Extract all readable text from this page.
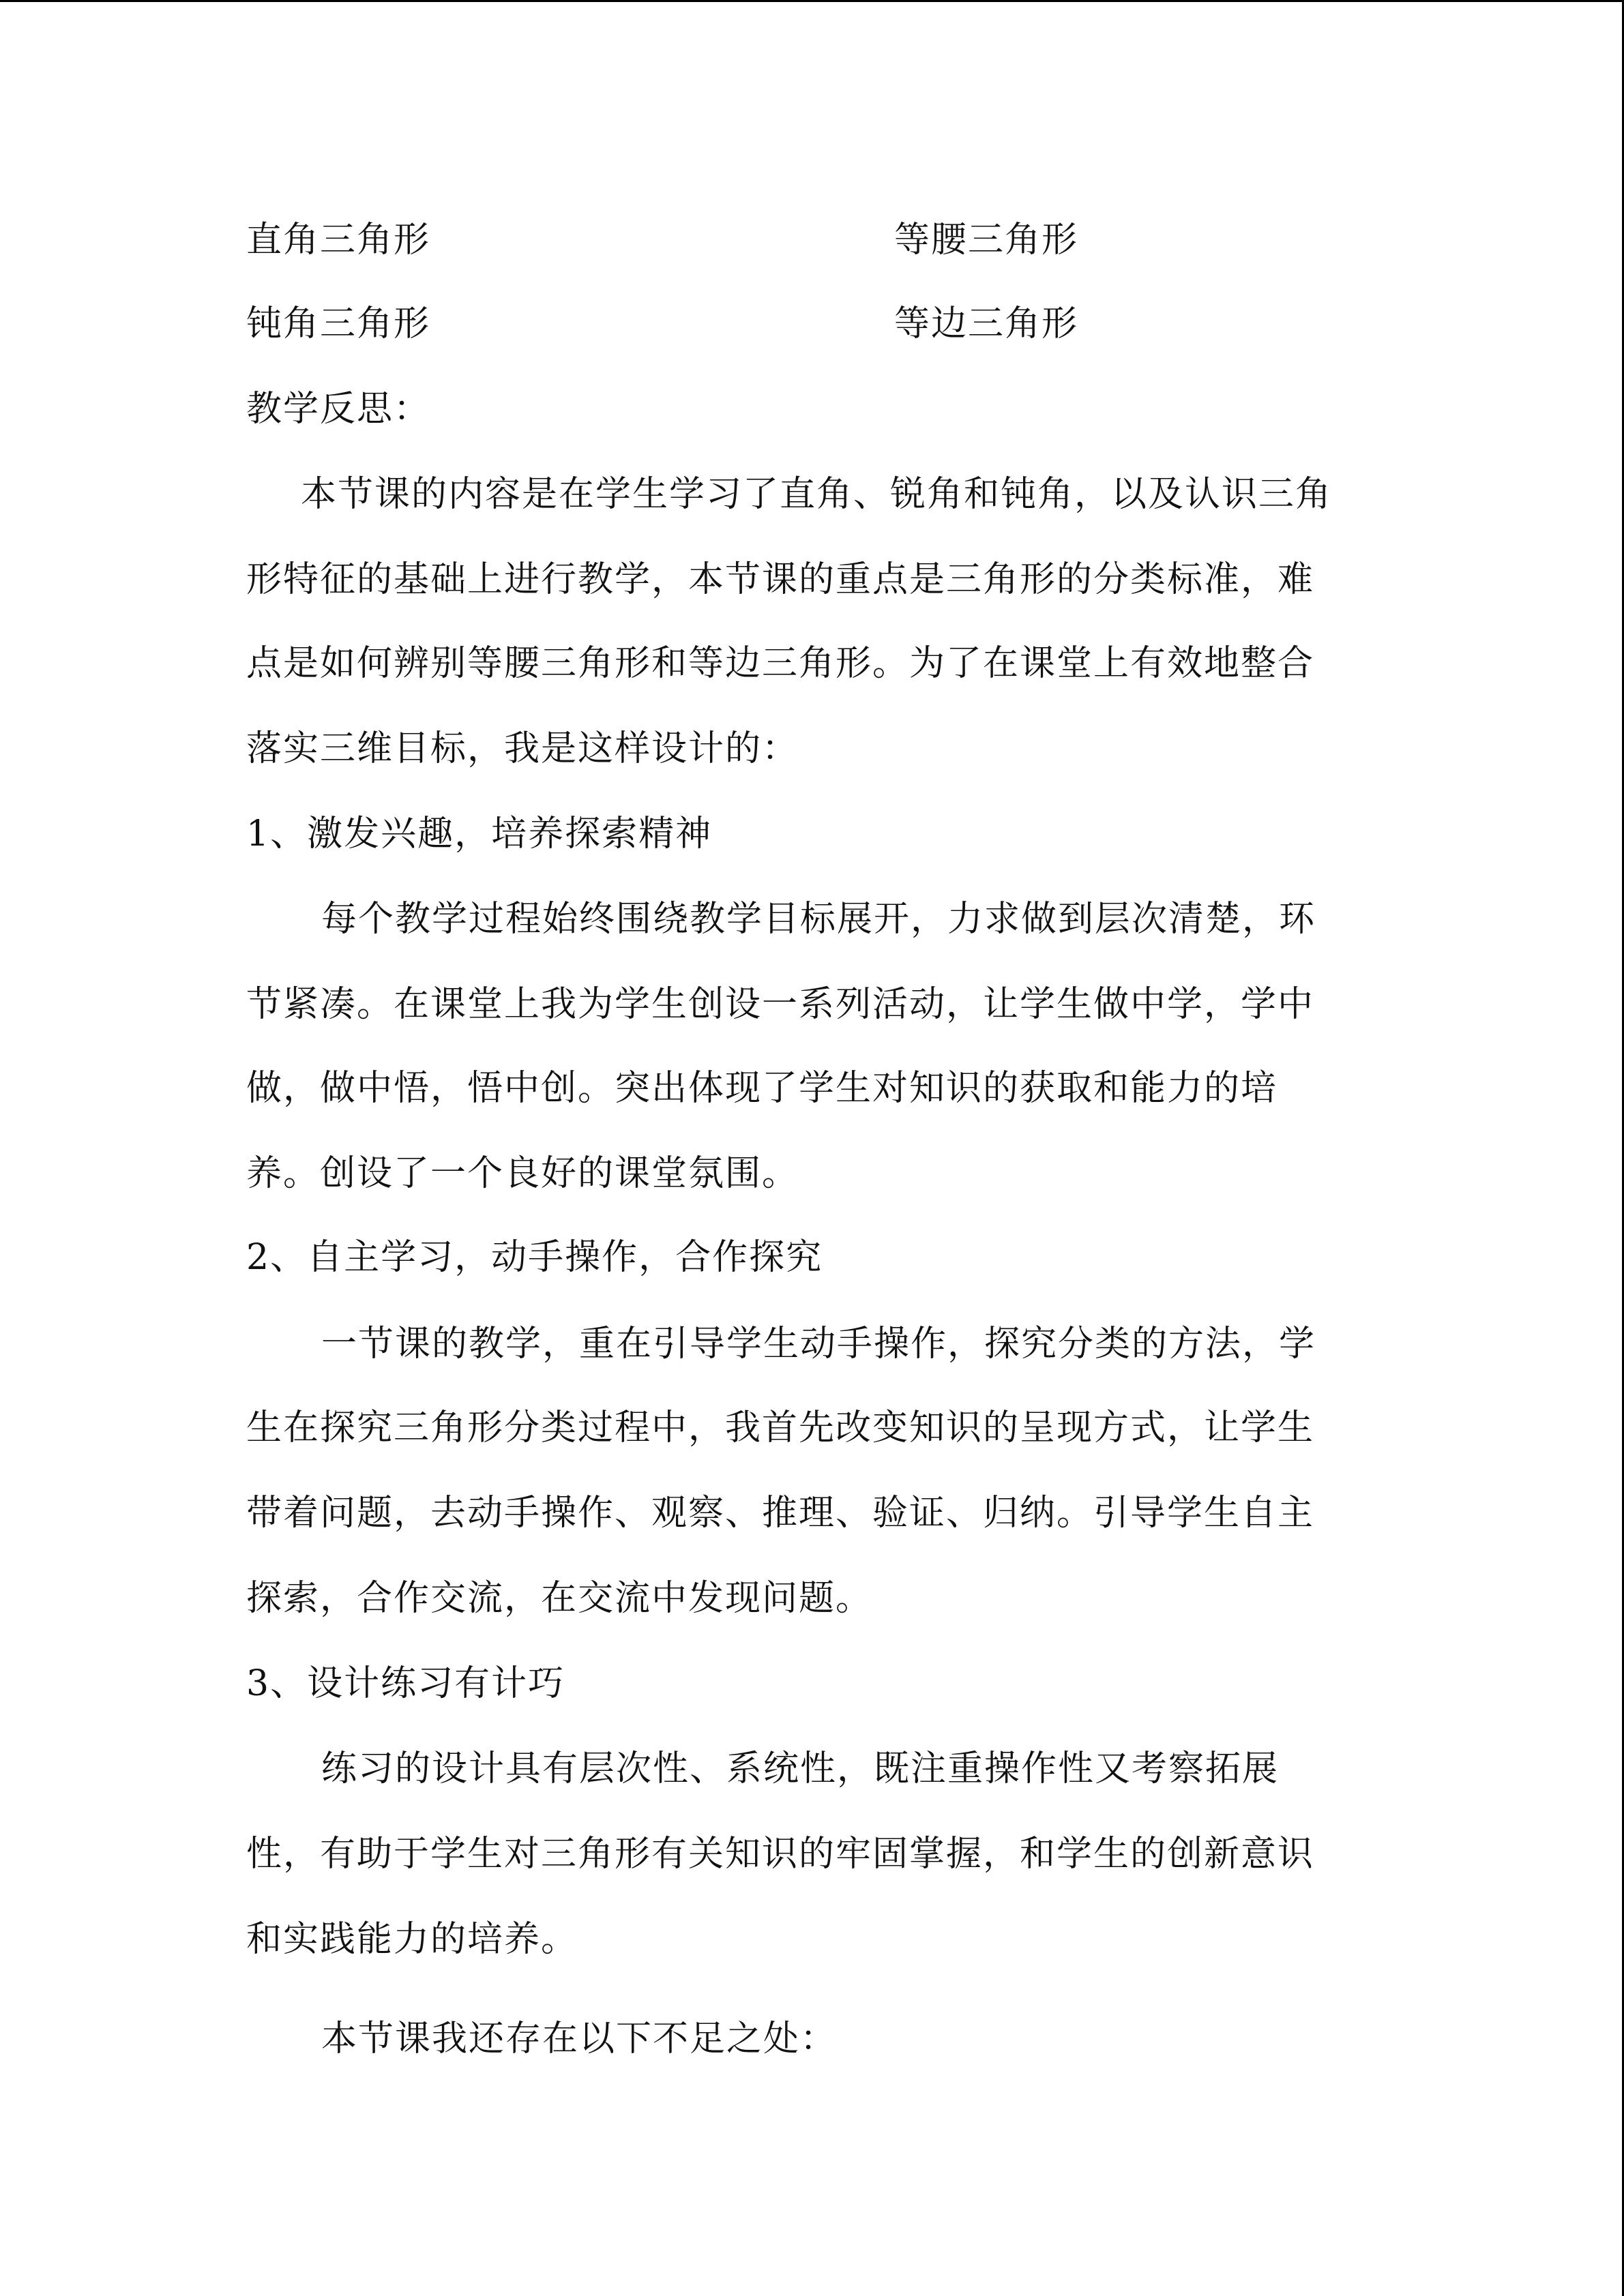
直角三角形	等腰三角形
钝角三角形	等边三角形
教学反思：
本节课的内容是在学生学习了直角、锐角和钝角，以及认识三角
形特征的基础上进行教学，本节课的重点是三角形的分类标准，难
点是如何辨别等腰三角形和等边三角形。为了在课堂上有效地整合
落实三维目标，我是这样设计的：
1、激发兴趣，培养探索精神
每个教学过程始终围绕教学目标展开，力求做到层次清楚，环
节紧凑。在课堂上我为学生创设一系列活动，让学生做中学，学中
做，做中悟，悟中创。突出体现了学生对知识的获取和能力的培
养。创设了一个良好的课堂氛围。
2、自主学习，动手操作，合作探究
一节课的教学，重在引导学生动手操作，探究分类的方法，学
生在探究三角形分类过程中，我首先改变知识的呈现方式，让学生
带着问题，去动手操作、观察、推理、验证、归纳。引导学生自主
探索，合作交流，在交流中发现问题。
3、设计练习有计巧
练习的设计具有层次性、系统性，既注重操作性又考察拓展
性，有助于学生对三角形有关知识的牢固掌握，和学生的创新意识
和实践能力的培养。
本节课我还存在以下不足之处：
